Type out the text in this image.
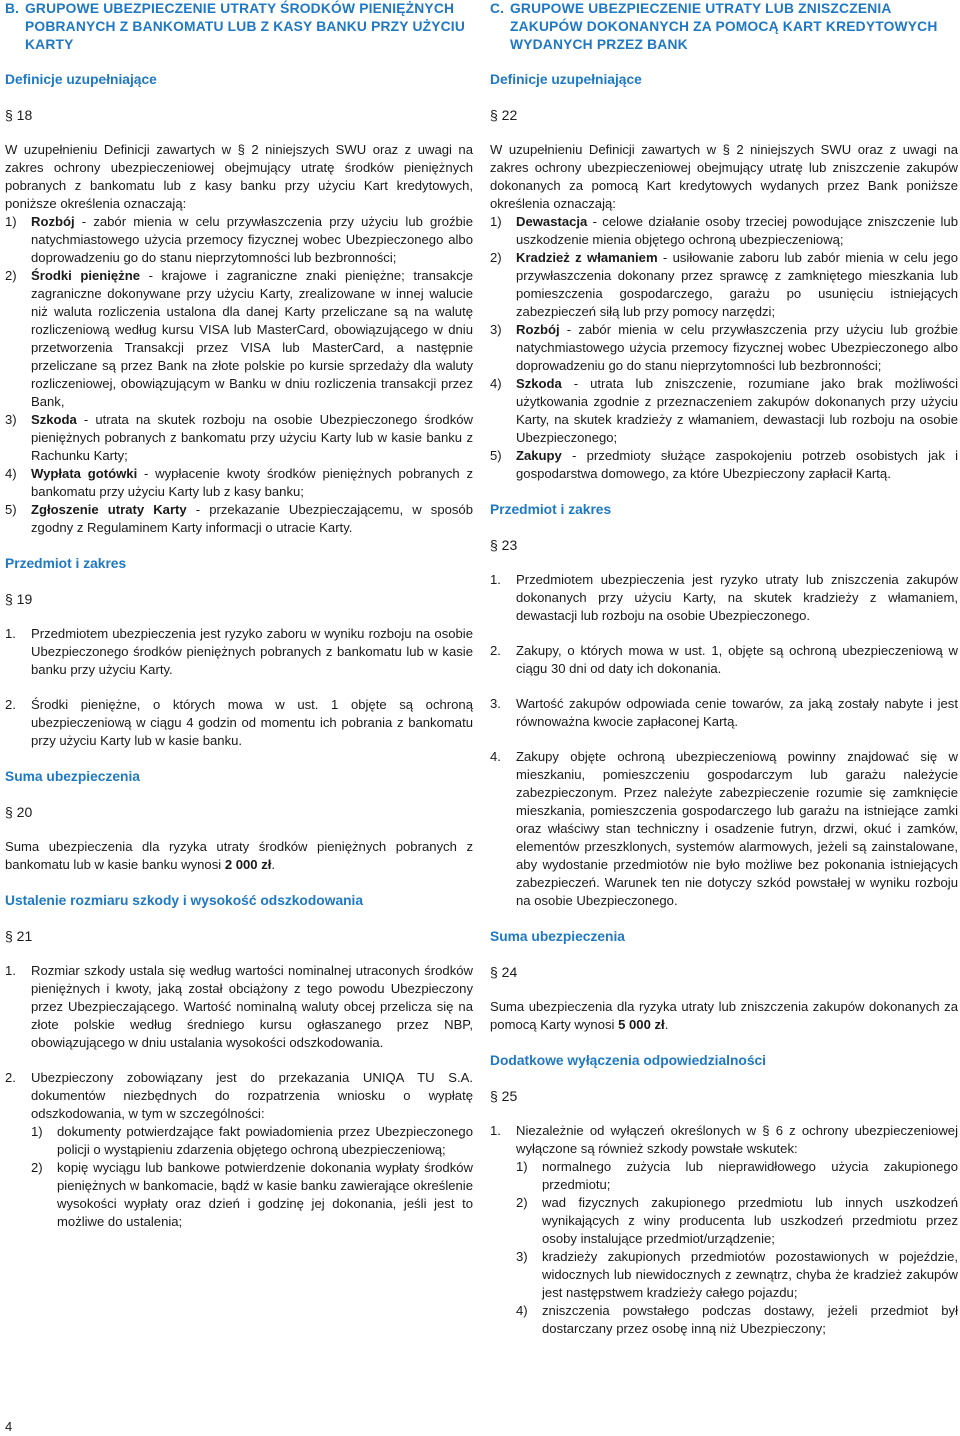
B. GRUPOWE UBEZPIECZENIE UTRATY ŚRODKÓW PIENIĘŻNYCH
POBRANYCH Z BANKOMATU LUB Z KASY BANKU PRZY UŻYCIU
KARTY
Definicje uzupełniające
§ 18

W uzupełnieniu Definicji zawartych w § 2 niniejszych SWU oraz z uwagi na zakres ochrony ubezpieczeniowej obejmujący utratę środków pieniężnych pobranych z bankomatu lub z kasy banku przy użyciu Kart kredytowych, poniższe określenia oznaczają:

1)	Rozbój - zabór mienia w celu przywłaszczenia przy użyciu lub groźbie natychmiastowego użycia przemocy fizycznej wobec Ubezpieczonego albo doprowadzeniu go do stanu nieprzytomności lub bezbronności;
2)	Środki pieniężne - krajowe i zagraniczne znaki pieniężne; transakcje zagraniczne dokonywane przy użyciu Karty, zrealizowane w innej walucie niż waluta rozliczenia ustalona dla danej Karty przeliczane są na walutę rozliczeniową według kursu VISA lub MasterCard, obowiązującego w dniu przetworzenia Transakcji przez VISA lub MasterCard, a następnie przeliczane są przez Bank na złote polskie po kursie sprzedaży dla waluty rozliczeniowej, obowiązującym w Banku w dniu rozliczenia transakcji przez Bank,
3)	Szkoda - utrata na skutek rozboju na osobie Ubezpieczonego środków pieniężnych pobranych z bankomatu przy użyciu Karty lub w kasie banku z Rachunku Karty;
4)	Wypłata gotówki - wypłacenie kwoty środków pieniężnych pobranych z bankomatu przy użyciu Karty lub z kasy banku;
5)	Zgłoszenie utraty Karty - przekazanie Ubezpieczającemu, w sposób zgodny z Regulaminem Karty informacji o utracie Karty.
Przedmiot i zakres
§ 19
1.	Przedmiotem ubezpieczenia jest ryzyko zaboru w wyniku rozboju na osobie Ubezpieczonego środków pieniężnych pobranych z bankomatu lub w kasie banku przy użyciu Karty.
2.	Środki pieniężne, o których mowa w ust. 1 objęte są ochroną ubezpieczeniową w ciągu 4 godzin od momentu ich pobrania z bankomatu przy użyciu Karty lub w kasie banku.
Suma ubezpieczenia
§ 20

Suma ubezpieczenia dla ryzyka utraty środków pieniężnych pobranych z bankomatu lub w kasie banku wynosi 2 000 zł.

Ustalenie rozmiaru szkody i wysokość odszkodowania
§ 21
1.	Rozmiar szkody ustala się według wartości nominalnej utraconych środków pieniężnych i kwoty, jaką został obciążony z tego powodu Ubezpieczony przez Ubezpieczającego. Wartość nominalną waluty obcej przelicza się na złote polskie według średniego kursu ogłaszanego przez NBP, obowiązującego w dniu ustalania wysokości odszkodowania.
2.	Ubezpieczony zobowiązany jest do przekazania UNIQA TU S.A. dokumentów niezbędnych do rozpatrzenia wniosku o wypłatę odszkodowania, w tym w szczególności:
1)	dokumenty potwierdzające fakt powiadomienia przez Ubezpieczonego policji o wystąpieniu zdarzenia objętego ochroną ubezpieczeniową;
2)	kopię wyciągu lub bankowe potwierdzenie dokonania wypłaty środków pieniężnych w bankomacie, bądź w kasie banku zawierające określenie wysokości wypłaty oraz dzień i godzinę jej dokonania, jeśli jest to możliwe do ustalenia;
C. GRUPOWE UBEZPIECZENIE UTRATY LUB ZNISZCZENIA
ZAKUPÓW DOKONANYCH ZA POMOCĄ KART KREDYTOWYCH
WYDANYCH PRZEZ BANK
Definicje uzupełniające
§ 22

W uzupełnieniu Definicji zawartych w § 2 niniejszych SWU oraz z uwagi na zakres ochrony ubezpieczeniowej obejmujący utratę lub zniszczenie zakupów dokonanych za pomocą Kart kredytowych wydanych przez Bank poniższe określenia oznaczają:

1)	Dewastacja - celowe działanie osoby trzeciej powodujące zniszczenie lub uszkodzenie mienia objętego ochroną ubezpieczeniową;
2)	Kradzież z włamaniem - usiłowanie zaboru lub zabór mienia w celu jego przywłaszczenia dokonany przez sprawcę z zamkniętego mieszkania lub pomieszczenia gospodarczego, garażu po usunięciu istniejących zabezpieczeń siłą lub przy pomocy narzędzi;
3)	Rozbój - zabór mienia w celu przywłaszczenia przy użyciu lub groźbie natychmiastowego użycia przemocy fizycznej wobec Ubezpieczonego albo doprowadzeniu go do stanu nieprzytomności lub bezbronności;
4)	Szkoda - utrata lub zniszczenie, rozumiane jako brak możliwości użytkowania zgodnie z przeznaczeniem zakupów dokonanych przy użyciu Karty, na skutek kradzieży z włamaniem, dewastacji lub rozboju na osobie Ubezpieczonego;
5)	Zakupy - przedmioty służące zaspokojeniu potrzeb osobistych jak i gospodarstwa domowego, za które Ubezpieczony zapłacił Kartą.
Przedmiot i zakres
§ 23
1.	Przedmiotem ubezpieczenia jest ryzyko utraty lub zniszczenia zakupów dokonanych przy użyciu Karty, na skutek kradzieży z włamaniem, dewastacji lub rozboju na osobie Ubezpieczonego.
2.	Zakupy, o których mowa w ust. 1, objęte są ochroną ubezpieczeniową w ciągu 30 dni od daty ich dokonania.
3.	Wartość zakupów odpowiada cenie towarów, za jaką zostały nabyte i jest równoważna kwocie zapłaconej Kartą.
4.	Zakupy objęte ochroną ubezpieczeniową powinny znajdować się w mieszkaniu, pomieszczeniu gospodarczym lub garażu należycie zabezpieczonym. Przez należyte zabezpieczenie rozumie się zamknięcie mieszkania, pomieszczenia gospodarczego lub garażu na istniejące zamki oraz właściwy stan techniczny i osadzenie futryn, drzwi, okuć i zamków, elementów przeszklonych, systemów alarmowych, jeżeli są zainstalowane, aby wydostanie przedmiotów nie było możliwe bez pokonania istniejących zabezpieczeń. Warunek ten nie dotyczy szkód powstałej w wyniku rozboju na osobie Ubezpieczonego.
Suma ubezpieczenia
§ 24

Suma ubezpieczenia dla ryzyka utraty lub zniszczenia zakupów dokonanych za pomocą Karty wynosi 5 000 zł.

Dodatkowe wyłączenia odpowiedzialności
§ 25
1.	Niezależnie od wyłączeń określonych w § 6 z ochrony ubezpieczeniowej wyłączone są również szkody powstałe wskutek:
1)	normalnego zużycia lub nieprawidłowego użycia zakupionego przedmiotu;
2)	wad fizycznych zakupionego przedmiotu lub innych uszkodzeń wynikających z winy producenta lub uszkodzeń przedmiotu przez osoby instalujące przedmiot/urządzenie;
3)	kradzieży zakupionych przedmiotów pozostawionych w pojeździe, widocznych lub niewidocznych z zewnątrz, chyba że kradzież zakupów jest następstwem kradzieży całego pojazdu;
4)	zniszczenia powstałego podczas dostawy, jeżeli przedmiot był dostarczany przez osobę inną niż Ubezpieczony;
4
